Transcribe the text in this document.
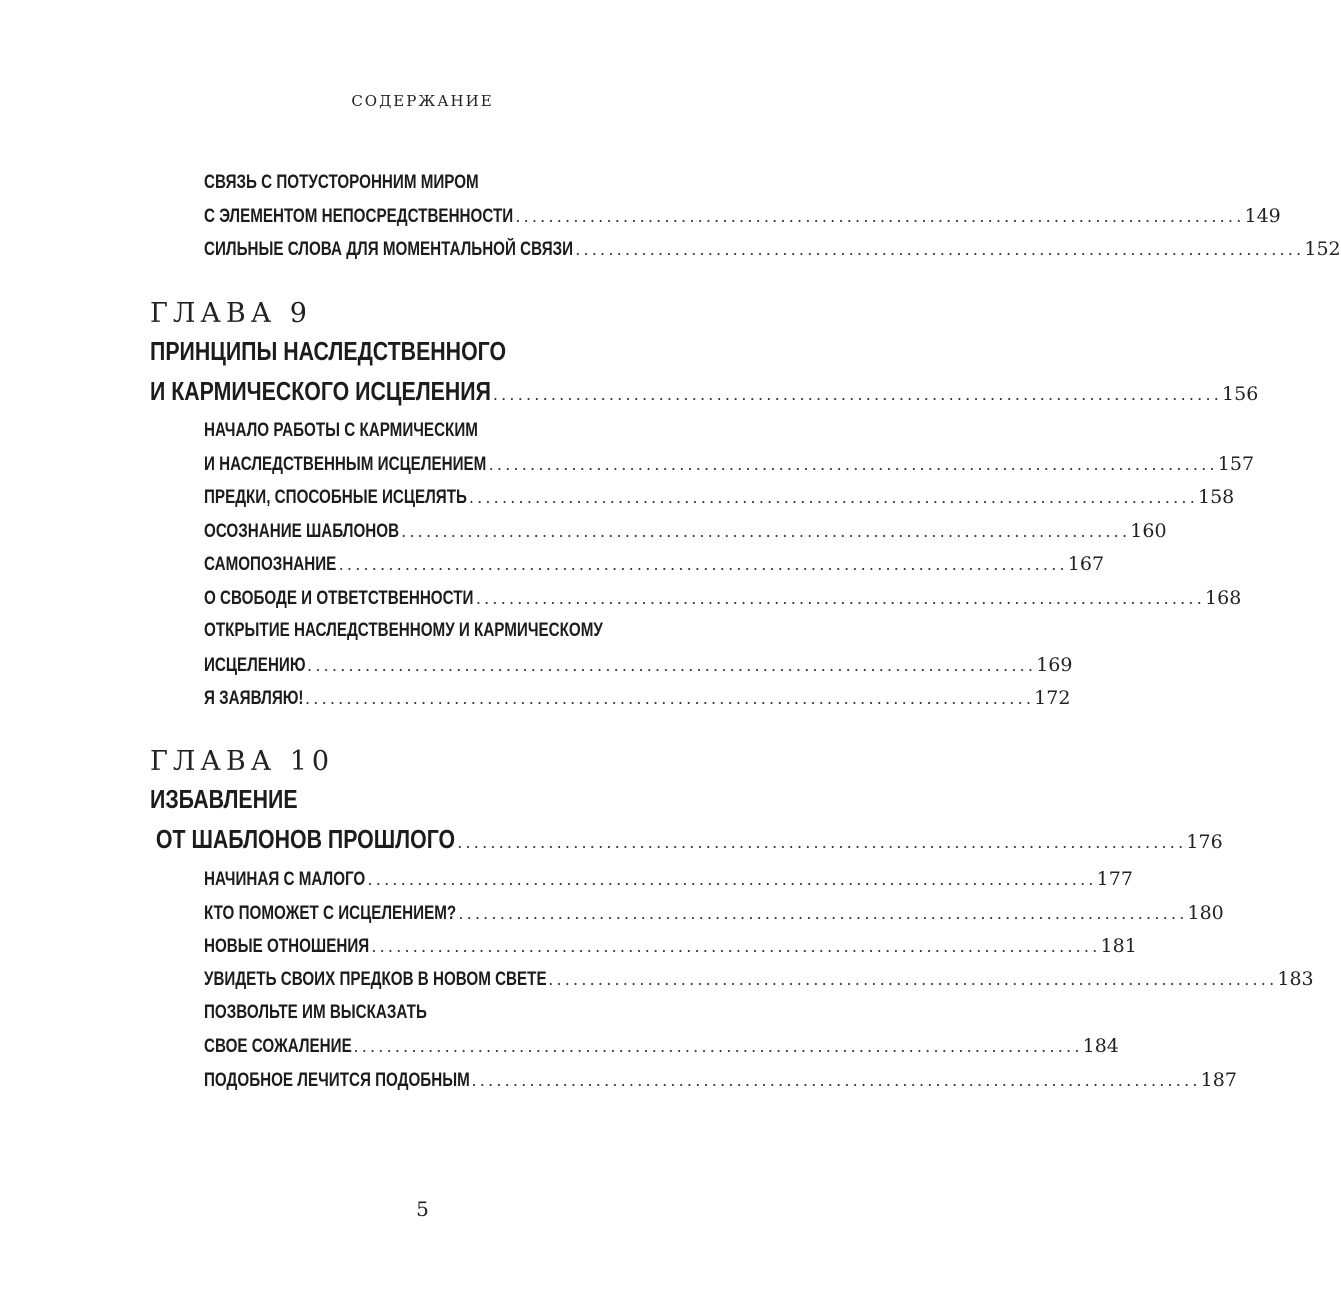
СОДЕРЖАНИЕ
СВЯЗЬ С ПОТУСТОРОННИМ МИРОМ
С ЭЛЕМЕНТОМ НЕПОСРЕДСТВЕННОСТИ ........................................................................................ 149
СИЛЬНЫЕ СЛОВА ДЛЯ МОМЕНТАЛЬНОЙ СВЯЗИ ........................................................................................ 152
ГЛАВА 9
ПРИНЦИПЫ НАСЛЕДСТВЕННОГО
И КАРМИЧЕСКОГО ИСЦЕЛЕНИЯ ........................................................................................ 156
НАЧАЛО РАБОТЫ С КАРМИЧЕСКИМ
И НАСЛЕДСТВЕННЫМ ИСЦЕЛЕНИЕМ ........................................................................................ 157
ПРЕДКИ, СПОСОБНЫЕ ИСЦЕЛЯТЬ ........................................................................................ 158
ОСОЗНАНИЕ ШАБЛОНОВ ........................................................................................ 160
САМОПОЗНАНИЕ ........................................................................................ 167
О СВОБОДЕ И ОТВЕТСТВЕННОСТИ ........................................................................................ 168
ОТКРЫТИЕ НАСЛЕДСТВЕННОМУ И КАРМИЧЕСКОМУ
ИСЦЕЛЕНИЮ ........................................................................................ 169
Я ЗАЯВЛЯЮ! ........................................................................................ 172
ГЛАВА 10
ИЗБАВЛЕНИЕ
ОТ ШАБЛОНОВ ПРОШЛОГО ........................................................................................ 176
НАЧИНАЯ С МАЛОГО ........................................................................................ 177
КТО ПОМОЖЕТ С ИСЦЕЛЕНИЕМ? ........................................................................................ 180
НОВЫЕ ОТНОШЕНИЯ ........................................................................................ 181
УВИДЕТЬ СВОИХ ПРЕДКОВ В НОВОМ СВЕТЕ ........................................................................................ 183
ПОЗВОЛЬТЕ ИМ ВЫСКАЗАТЬ
СВОЕ СОЖАЛЕНИЕ ........................................................................................ 184
ПОДОБНОЕ ЛЕЧИТСЯ ПОДОБНЫМ ........................................................................................ 187
5
